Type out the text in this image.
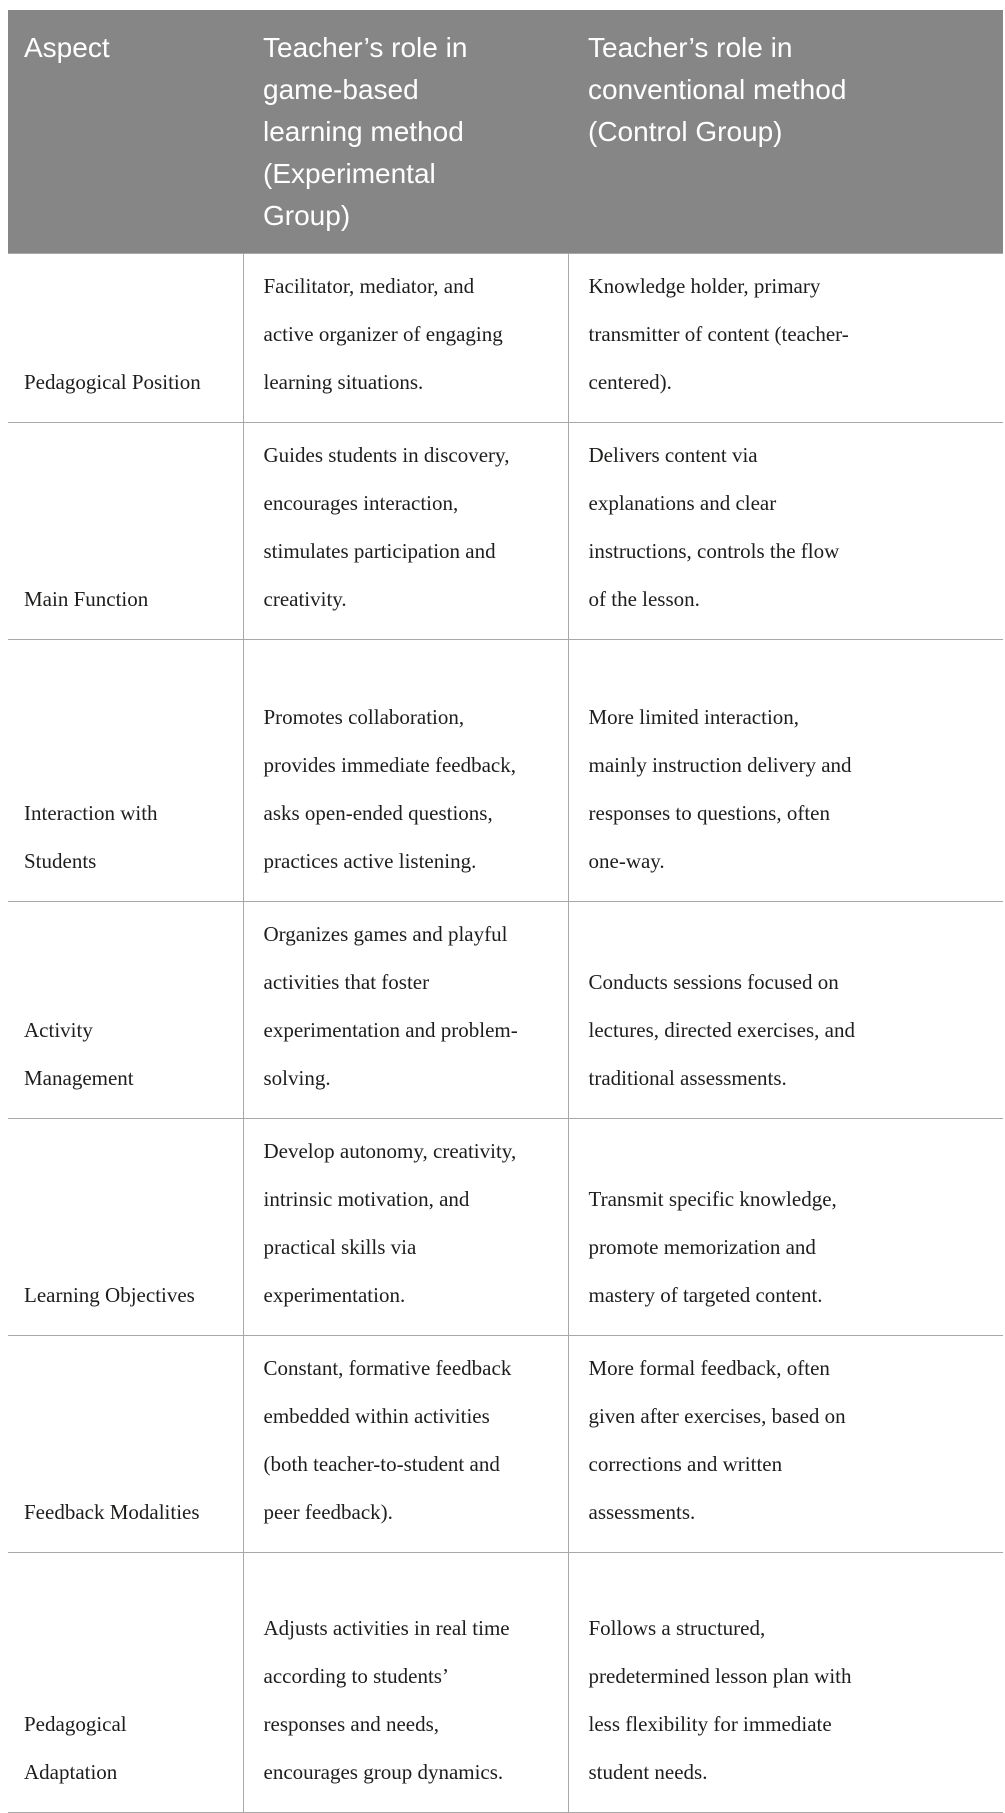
Aspect	Teacher’s role in game-based learning method (Experimental Group)	Teacher’s role in conventional method (Control Group)
Pedagogical Position	Facilitator, mediator, and active organizer of engaging learning situations.	Knowledge holder, primary transmitter of content (teacher-centered).
Main Function	Guides students in discovery, encourages interaction, stimulates participation and creativity.	Delivers content via explanations and clear instructions, controls the flow of the lesson.
Interaction with Students	Promotes collaboration, provides immediate feedback, asks open-ended questions, practices active listening.	More limited interaction, mainly instruction delivery and responses to questions, often one-way.
Activity Management	Organizes games and playful activities that foster experimentation and problem-solving.	Conducts sessions focused on lectures, directed exercises, and traditional assessments.
Learning Objectives	Develop autonomy, creativity, intrinsic motivation, and practical skills via experimentation.	Transmit specific knowledge, promote memorization and mastery of targeted content.
Feedback Modalities	Constant, formative feedback embedded within activities (both teacher-to-student and peer feedback).	More formal feedback, often given after exercises, based on corrections and written assessments.
Pedagogical Adaptation	Adjusts activities in real time according to students’ responses and needs, encourages group dynamics.	Follows a structured, predetermined lesson plan with less flexibility for immediate student needs.
